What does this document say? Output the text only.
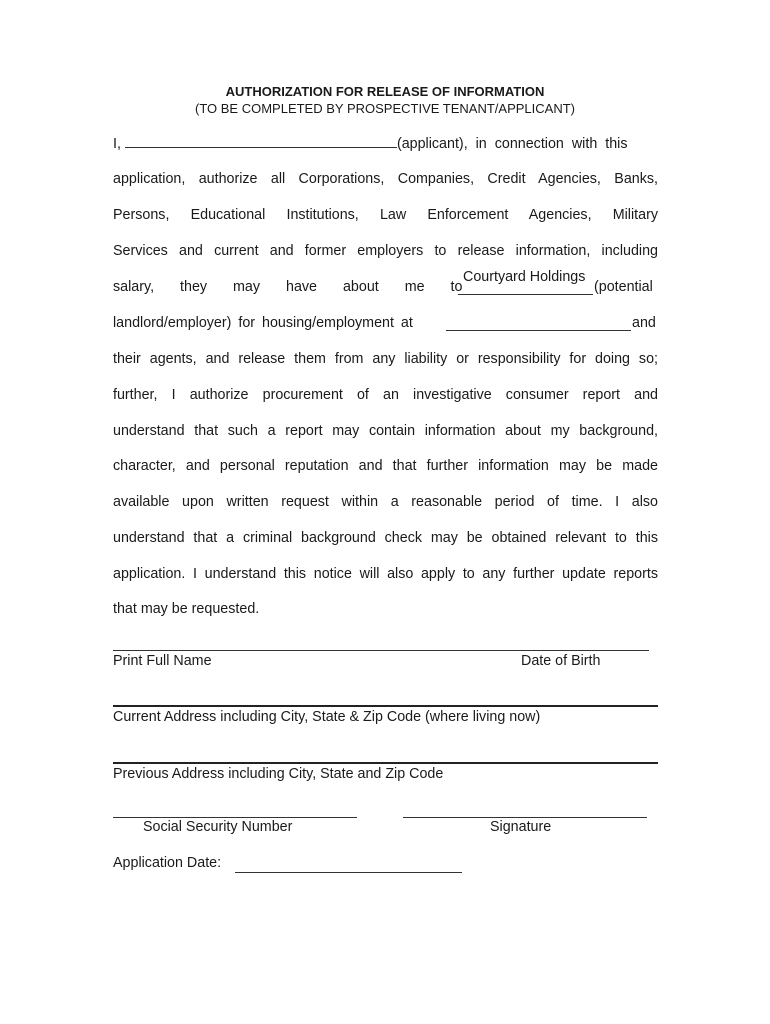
AUTHORIZATION FOR RELEASE OF INFORMATION
(TO BE COMPLETED BY PROSPECTIVE TENANT/APPLICANT)
I,	(applicant), in connection with this
application, authorize all Corporations, Companies, Credit Agencies, Banks,
Persons, Educational Institutions, Law Enforcement Agencies, Military
Services and current and former employers to release information, including
salary, they may have about me to
Courtyard Holdings
(potential
landlord/employer) for housing/employment at	and
their agents, and release them from any liability or responsibility for doing so;
further, I authorize procurement of an investigative consumer report and
understand that such a report may contain information about my background,
character, and personal reputation and that further information may be made
available upon written request within a reasonable period of time. I also
understand that a criminal background check may be obtained relevant to this
application. I understand this notice will also apply to any further update reports
that may be requested.
Print Full Name	Date of Birth
Current Address including City, State & Zip Code (where living now)
Previous Address including City, State and Zip Code
Social Security Number	Signature
Application Date:
